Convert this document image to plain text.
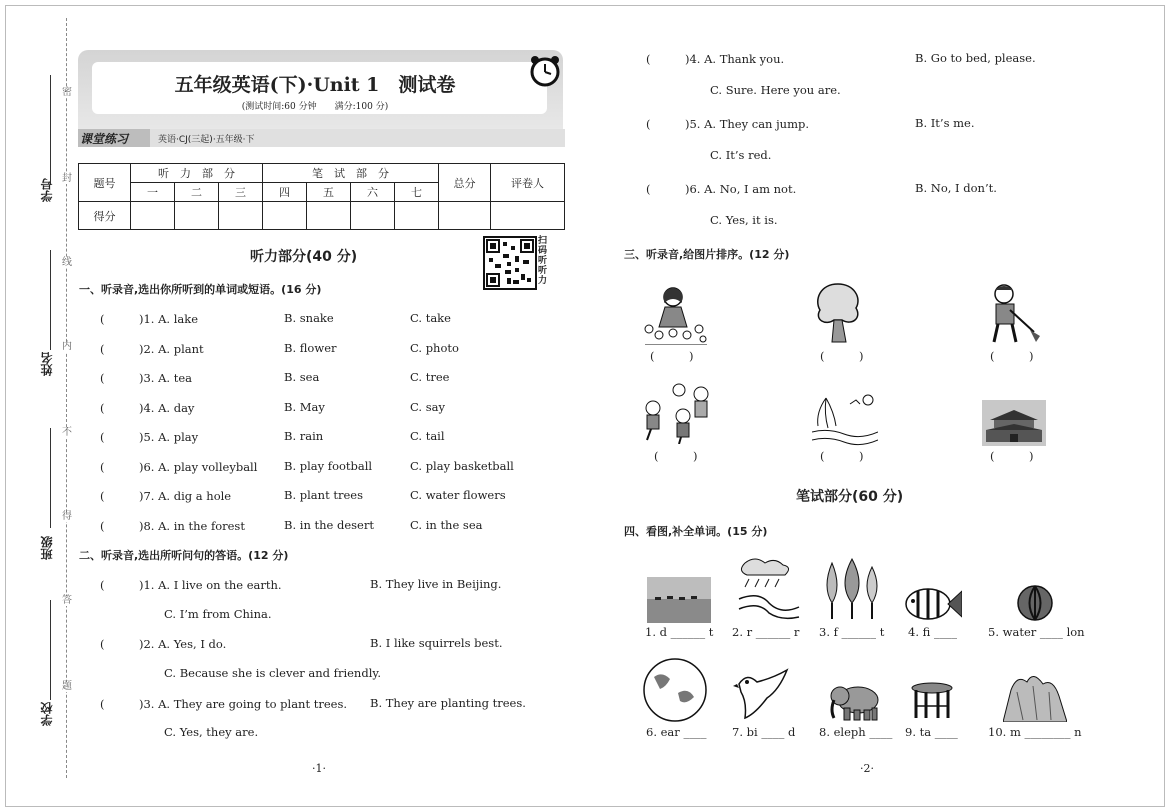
学号
姓名
班级
学校
密
封
线
内
不
得
答
题
五年级英语(下)·Unit 1　测试卷
(测试时间:60 分钟　　满分:100 分)
课堂练习	英语·CJ(三起)·五年级·下
题号	听　力　部　分			笔　试　部　分				总分	评卷人
	一	二	三	四	五	六	七		
得分									
扫码听听力
听力部分(40 分)
一、听录音,选出你所听到的单词或短语。(16 分)
(　　　)1. A. lake	B. snake	C. take
(　　　)2. A. plant	B. flower	C. photo
(　　　)3. A. tea	B. sea	C. tree
(　　　)4. A. day	B. May	C. say
(　　　)5. A. play	B. rain	C. tail
(　　　)6. A. play volleyball B. play football	C. play basketball
(　　　)7. A. dig a hole	B. plant trees	C. water flowers
(　　　)8. A. in the forest	B. in the desert	C. in the sea
二、听录音,选出所听问句的答语。(12 分)
(　　　)1. A. I live on the earth.	B. They live in Beijing.
C. I’m from China.
(　　　)2. A. Yes, I do.	B. I like squirrels best.
C. Because she is clever and friendly.
(　　　)3. A. They are going to plant trees. B. They are planting trees.
C. Yes, they are.
·1·
(　　　)4. A. Thank you.	B. Go to bed, please.
C. Sure. Here you are.
(　　　)5. A. They can jump.	B. It’s me.
C. It’s red.
(　　　)6. A. No, I am not.	B. No, I don’t.
C. Yes, it is.
三、听录音,给图片排序。(12 分)
(　　　)	(　　　)	(　　　)
(　　　)	(　　　)	(　　　)
笔试部分(60 分)
四、看图,补全单词。(15 分)
1. d ______ t 2. r ______ r 3. f ______ t 4. fi ____	5. water ____ lon
6. ear ____ 7. bi ____ d 8. eleph ____ 9. ta ____	10. m ________ n
·2·
